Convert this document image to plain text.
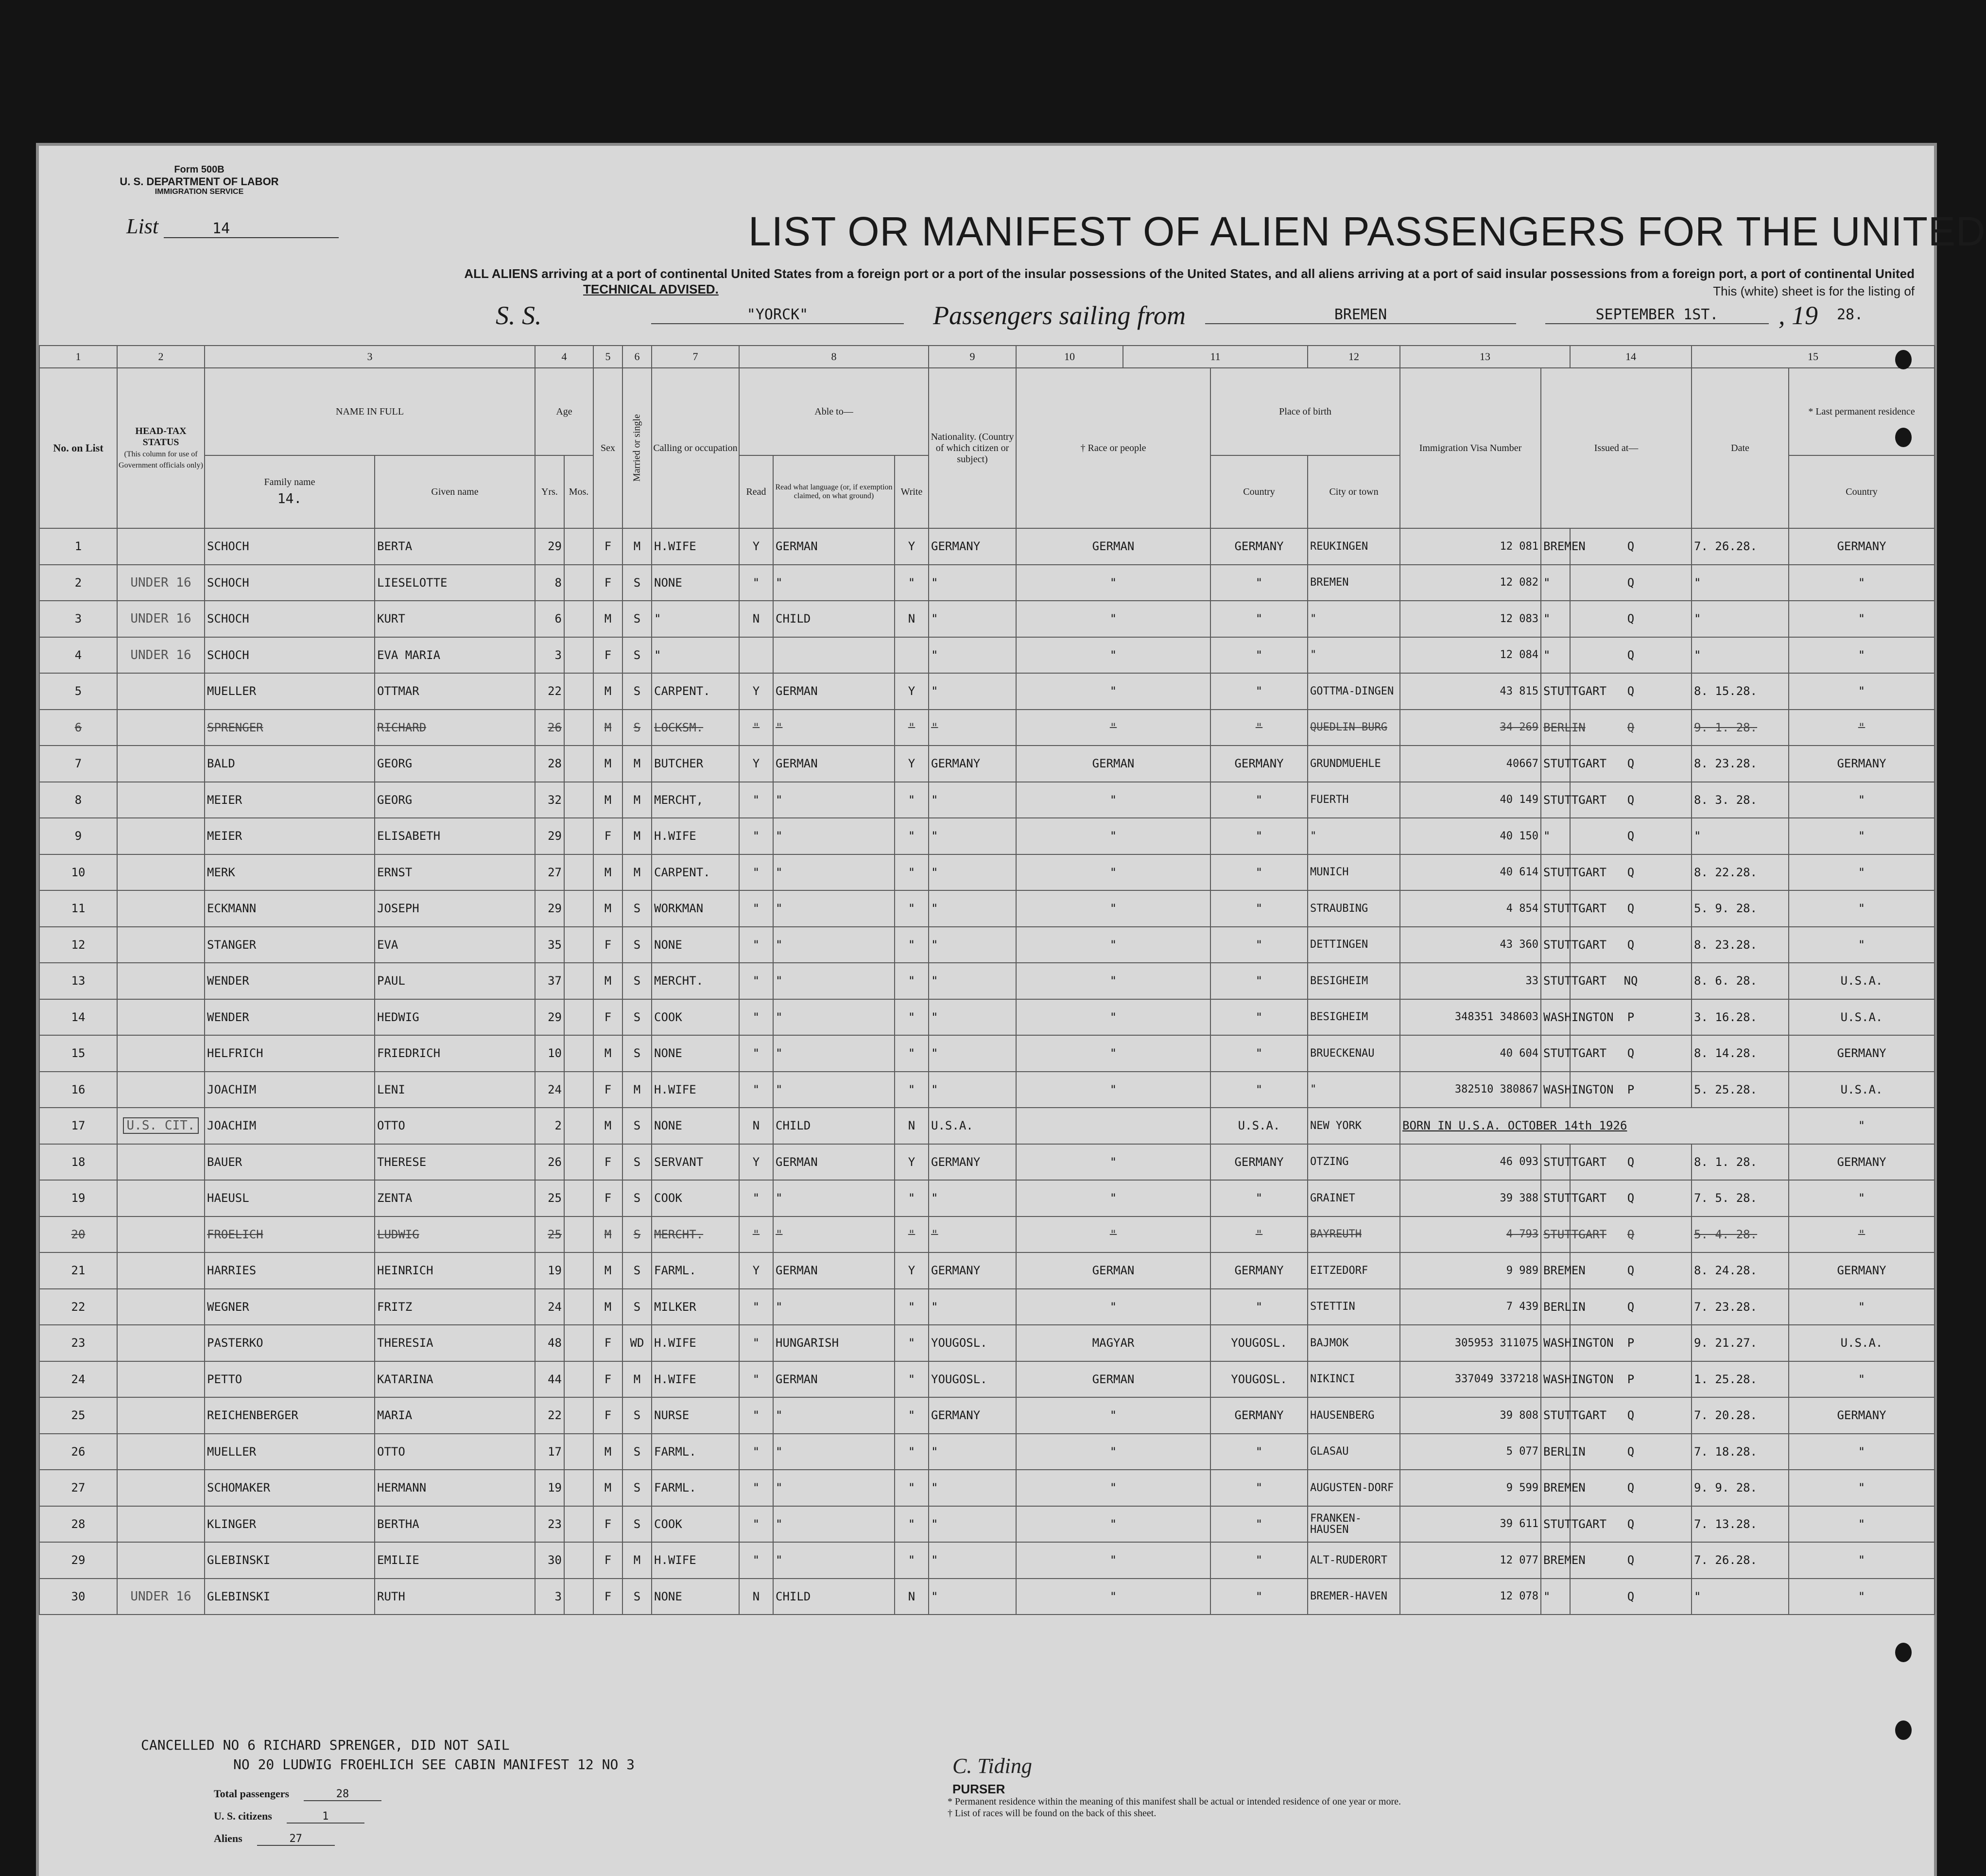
Form 500B
U. S. DEPARTMENT OF LABOR
IMMIGRATION SERVICE
List	14	LIST OR MANIFEST OF ALIEN PASSENGERS FOR THE UNITED
ALL ALIENS arriving at a port of continental United States from a foreign port or a port of the insular possessions of the United States, and all aliens arriving at a port of said insular possessions from a foreign port, a port of continental United
TECHNICAL ADVISED.	This (white) sheet is for the listing of
S. S.	"YORCK"	Passengers sailing from	BREMEN	SEPTEMBER 1ST.	, 19 28.
1	2	3		4		5	6	7	8			9	10	11		12	13		14	15		
No. on List	HEAD-TAX STATUS
(This column for use of Government officials only)	NAME IN FULL		Age		Sex	Married or single	Calling or occupation	Able to—			Nationality. (Country of which citizen or subject)	† Race or people		Place of birth		Immigration Visa Number	Issued at—		Date	* Last permanent residence	
		Family name
14.	Given name	Yrs.	Mos.				Read	Read what language (or, if exemption claimed, on what ground)	Write				Country	City or town					Country	
1		SCHOCH	BERTA	29		F	M	H.WIFE	Y	GERMAN	Y	GERMANY	GERMAN		GERMANY	REUKINGEN	12 081	BREMEN	Q	7. 26.28.	GERMANY	
2	UNDER 16	SCHOCH	LIESELOTTE	8		F	S	NONE	"	"	"	"	"		"	BREMEN	12 082	"	Q	"	"	
3	UNDER 16	SCHOCH	KURT	6		M	S	"	N	CHILD	N	"	"		"	"	12 083	"	Q	"	"	
4	UNDER 16	SCHOCH	EVA MARIA	3		F	S	"				"	"		"	"	12 084	"	Q	"	"	
5		MUELLER	OTTMAR	22		M	S	CARPENT.	Y	GERMAN	Y	"	"		"	GOTTMA-DINGEN	43 815	STUTTGART	Q	8. 15.28.	"	
6		SPRENGER	RICHARD	26		M	S	LOCKSM.	"	"	"	"	"		"	QUEDLIN-BURG	34 269	BERLIN	Q	9. 1. 28.	"	
7		BALD	GEORG	28		M	M	BUTCHER	Y	GERMAN	Y	GERMANY	GERMAN		GERMANY	GRUNDMUEHLE	40667	STUTTGART	Q	8. 23.28.	GERMANY	
8		MEIER	GEORG	32		M	M	MERCHT,	"	"	"	"	"		"	FUERTH	40 149	STUTTGART	Q	8. 3. 28.	"	
9		MEIER	ELISABETH	29		F	M	H.WIFE	"	"	"	"	"		"	"	40 150	"	Q	"	"	
10		MERK	ERNST	27		M	M	CARPENT.	"	"	"	"	"		"	MUNICH	40 614	STUTTGART	Q	8. 22.28.	"	
11		ECKMANN	JOSEPH	29		M	S	WORKMAN	"	"	"	"	"		"	STRAUBING	4 854	STUTTGART	Q	5. 9. 28.	"	
12		STANGER	EVA	35		F	S	NONE	"	"	"	"	"		"	DETTINGEN	43 360	STUTTGART	Q	8. 23.28.	"	
13		WENDER	PAUL	37		M	S	MERCHT.	"	"	"	"	"		"	BESIGHEIM	33	STUTTGART	NQ	8. 6. 28.	U.S.A.	
14		WENDER	HEDWIG	29		F	S	COOK	"	"	"	"	"		"	BESIGHEIM	348351 348603	WASHINGTON	P	3. 16.28.	U.S.A.	
15		HELFRICH	FRIEDRICH	10		M	S	NONE	"	"	"	"	"		"	BRUECKENAU	40 604	STUTTGART	Q	8. 14.28.	GERMANY	
16		JOACHIM	LENI	24		F	M	H.WIFE	"	"	"	"	"		"	"	382510 380867	WASHINGTON	P	5. 25.28.	U.S.A.	
17	U.S. CIT.	JOACHIM	OTTO	2		M	S	NONE	N	CHILD	N	U.S.A.			U.S.A.	NEW YORK	BORN IN U.S.A. OCTOBER 14th 1926				"	
18		BAUER	THERESE	26		F	S	SERVANT	Y	GERMAN	Y	GERMANY	"		GERMANY	OTZING	46 093	STUTTGART	Q	8. 1. 28.	GERMANY	
19		HAEUSL	ZENTA	25		F	S	COOK	"	"	"	"	"		"	GRAINET	39 388	STUTTGART	Q	7. 5. 28.	"	
20		FROELICH	LUDWIG	25		M	S	MERCHT.	"	"	"	"	"		"	BAYREUTH	4 793	STUTTGART	Q	5. 4. 28.	"	
21		HARRIES	HEINRICH	19		M	S	FARML.	Y	GERMAN	Y	GERMANY	GERMAN		GERMANY	EITZEDORF	9 989	BREMEN	Q	8. 24.28.	GERMANY	
22		WEGNER	FRITZ	24		M	S	MILKER	"	"	"	"	"		"	STETTIN	7 439	BERLIN	Q	7. 23.28.	"	
23		PASTERKO	THERESIA	48		F	WD	H.WIFE	"	HUNGARISH	"	YOUGOSL.	MAGYAR		YOUGOSL.	BAJMOK	305953 311075	WASHINGTON	P	9. 21.27.	U.S.A.	
24		PETTO	KATARINA	44		F	M	H.WIFE	"	GERMAN	"	YOUGOSL.	GERMAN		YOUGOSL.	NIKINCI	337049 337218	WASHINGTON	P	1. 25.28.	"	
25		REICHENBERGER	MARIA	22		F	S	NURSE	"	"	"	GERMANY	"		GERMANY	HAUSENBERG	39 808	STUTTGART	Q	7. 20.28.	GERMANY	
26		MUELLER	OTTO	17		M	S	FARML.	"	"	"	"	"		"	GLASAU	5 077	BERLIN	Q	7. 18.28.	"	
27		SCHOMAKER	HERMANN	19		M	S	FARML.	"	"	"	"	"		"	AUGUSTEN-DORF	9 599	BREMEN	Q	9. 9. 28.	"	
28		KLINGER	BERTHA	23		F	S	COOK	"	"	"	"	"		"	FRANKEN-HAUSEN	39 611	STUTTGART	Q	7. 13.28.	"	
29		GLEBINSKI	EMILIE	30		F	M	H.WIFE	"	"	"	"	"		"	ALT-RUDERORT	12 077	BREMEN	Q	7. 26.28.	"	
30	UNDER 16	GLEBINSKI	RUTH	3		F	S	NONE	N	CHILD	N	"	"		"	BREMER-HAVEN	12 078	"	Q	"	"	
CANCELLED NO 6 RICHARD SPRENGER, DID NOT SAIL
NO 20 LUDWIG FROEHLICH SEE CABIN MANIFEST 12 NO 3	C. Tiding
PURSER
* Permanent residence within the meaning of this manifest shall be actual or intended residence of one year or more.
† List of races will be found on the back of this sheet.
Total passengers	28
U. S. citizens	1
Aliens	27
